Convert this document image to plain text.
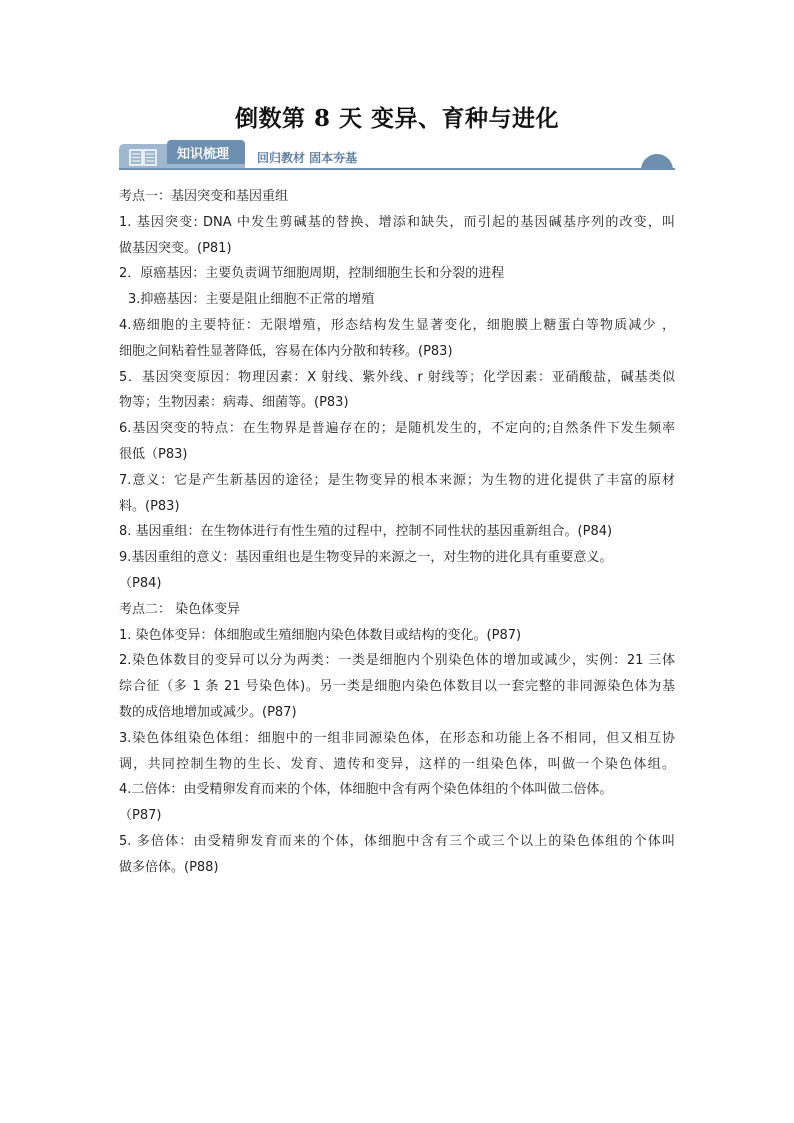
倒数第 8 天 变异、育种与进化
知识梳理 回归教材 固本夯基
考点一：基因突变和基因重组
1. 基因突变: DNA 中发生剪碱基的替换、增添和缺失，而引起的基因碱基序列的改变，叫
做基因突变。(P81)
2．原癌基因：主要负责调节细胞周期，控制细胞生长和分裂的进程
3.抑癌基因：主要是阻止细胞不正常的增殖
4.癌细胞的主要特征：无限增殖，形态结构发生显著变化，细胞膜上糖蛋白等物质减少 ，
细胞之间粘着性显著降低，容易在体内分散和转移。(P83)
5．基因突变原因：物理因素：X 射线、紫外线、r 射线等；化学因素：亚硝酸盐，碱基类似
物等；生物因素：病毒、细菌等。(P83)
6.基因突变的特点：在生物界是普遍存在的；是随机发生的，不定向的;自然条件下发生频率
很低（P83)
7.意义：它是产生新基因的途径；是生物变异的根本来源；为生物的进化提供了丰富的原材
料。(P83)
8. 基因重组：在生物体进行有性生殖的过程中，控制不同性状的基因重新组合。(P84)
9.基因重组的意义：基因重组也是生物变异的来源之一，对生物的进化具有重要意义。
（P84)
考点二： 染色体变异
1. 染色体变异：体细胞或生殖细胞内染色体数目或结构的变化。(P87)
2.染色体数目的变异可以分为两类：一类是细胞内个别染色体的增加或减少，实例：21 三体
综合征（多 1 条 21 号染色体)。另一类是细胞内染色体数目以一套完整的非同源染色体为基
数的成倍地增加或减少。(P87)
3.染色体组染色体组：细胞中的一组非同源染色体，在形态和功能上各不相同，但又相互协
调，共同控制生物的生长、发育、遗传和变异，这样的一组染色体，叫做一个染色体组。
4.二倍体：由受精卵发育而来的个体，体细胞中含有两个染色体组的个体叫做二倍体。
（P87)
5. 多倍体：由受精卵发育而来的个体，体细胞中含有三个或三个以上的染色体组的个体叫
做多倍体。(P88)
